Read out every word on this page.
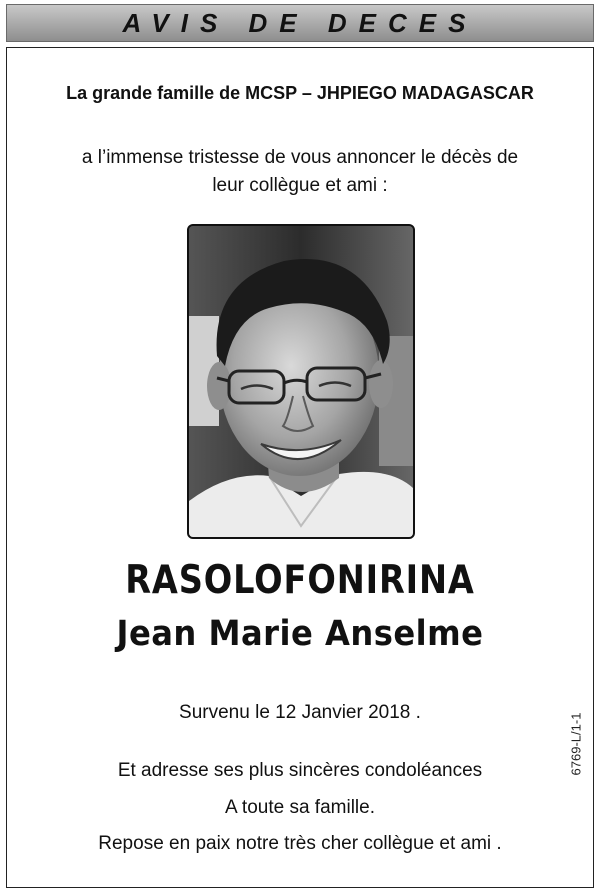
AVIS DE DECES
La grande famille de MCSP – JHPIEGO MADAGASCAR
a l’immense tristesse de vous annoncer le décès de
leur collègue et ami :
RASOLOFONIRINA
Jean Marie Anselme
Survenu le 12 Janvier 2018 .
Et adresse ses plus sincères condoléances
A toute sa famille.
Repose en paix notre très cher collègue et ami .
6769-L/1-1
